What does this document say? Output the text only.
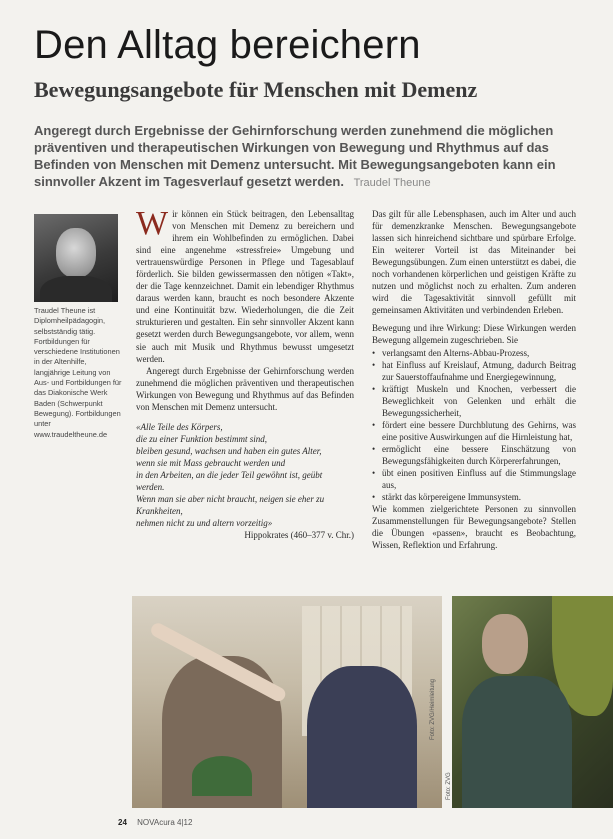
Den Alltag bereichern
Bewegungsangebote für Menschen mit Demenz

Angeregt durch Ergebnisse der Gehirnforschung werden zunehmend die möglichen präventiven und therapeutischen Wirkungen von Bewegung und Rhythmus auf das Befinden von Menschen mit Demenz untersucht. Mit Bewegungsangeboten kann ein sinnvoller Akzent im Tagesverlauf gesetzt werden. Traudel Theune

Traudel Theune ist Diplomheilpädagogin, selbstständig tätig. Fortbildungen für verschiedene Institutionen in der Altenhilfe, langjährige Leitung von Aus- und Fortbildungen für das Diakonische Werk Baden (Schwerpunkt Bewegung). Fortbildungen unter www.traudeltheune.de

Wir können ein Stück beitragen, den Lebensalltag von Menschen mit Demenz zu bereichern und ihrem ein Wohlbefinden zu ermöglichen. Dabei sind eine angenehme «stressfreie» Umgebung und vertrauenswürdige Personen in Pflege und Tagesablauf förderlich. Sie bilden gewissermassen den nötigen «Takt», der die Tage kennzeichnet. Damit ein lebendiger Rhythmus daraus werden kann, braucht es noch besondere Akzente und eine Kontinuität bzw. Wiederholungen, die die Zeit strukturieren und gestalten. Ein sehr sinnvoller Akzent kann gesetzt werden durch Bewegungsangebote, vor allem, wenn sie auch mit Musik und Rhythmus bewusst umgesetzt werden.

Angeregt durch Ergebnisse der Gehirnforschung werden zunehmend die möglichen präventiven und therapeutischen Wirkungen von Bewegung und Rhythmus auf das Befinden von Menschen mit Demenz untersucht.

«Alle Teile des Körpers,
die zu einer Funktion bestimmt sind,
bleiben gesund, wachsen und haben ein gutes Alter,
wenn sie mit Mass gebraucht werden und
in den Arbeiten, an die jeder Teil gewöhnt ist, geübt
werden.
Wenn man sie aber nicht braucht, neigen sie eher zu
Krankheiten,
nehmen nicht zu und altern vorzeitig»
Hippokrates (460–377 v. Chr.)

Das gilt für alle Lebensphasen, auch im Alter und auch für demenzkranke Menschen. Bewegungsangebote lassen sich hinreichend sichtbare und spürbare Erfolge. Ein weiterer Vorteil ist das Miteinander bei Bewegungsübungen. Zum einen unterstützt es dabei, die noch vorhandenen körperlichen und geistigen Kräfte zu nutzen und möglichst noch zu erhalten. Zum anderen wird die Tagesaktivität sinnvoll gefüllt mit gemeinsamen Aktivitäten und verbindenden Erleben.

Bewegung und ihre Wirkung: Diese Wirkungen werden Bewegung allgemein zugeschrieben. Sie

• verlangsamt den Alterns-Abbau-Prozess,
• hat Einfluss auf Kreislauf, Atmung, dadurch Beitrag zur Sauerstoffaufnahme und Energiegewinnung,
• kräftigt Muskeln und Knochen, verbessert die Beweglichkeit von Gelenken und erhält die Bewegungssicherheit,
• fördert eine bessere Durchblutung des Gehirns, was eine positive Auswirkungen auf die Hirnleistung hat,
• ermöglicht eine bessere Einschätzung von Bewegungsfähigkeiten durch Körpererfahrungen,
• übt einen positiven Einfluss auf die Stimmungslage aus,
• stärkt das körpereigene Immunsystem.

Wie kommen zielgerichtete Personen zu sinnvollen Zusammenstellungen für Bewegungsangebote? Stellen die Übungen «passen», braucht es Beobachtung, Wissen, Reflektion und Erfahrung.

Foto: ZVG/Heimleitung
Foto: ZVG
24 NOVAcura 4|12
